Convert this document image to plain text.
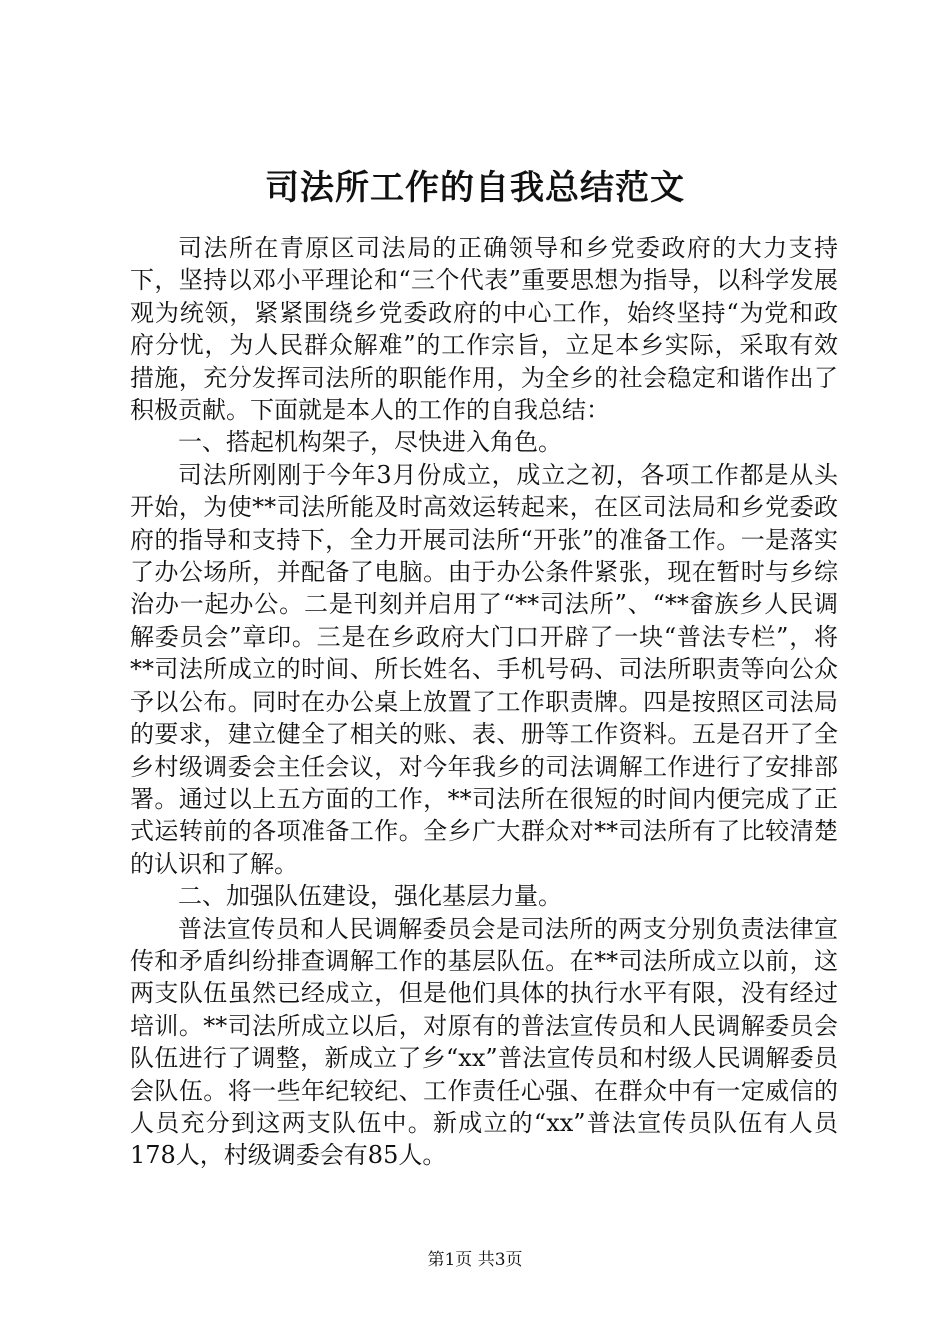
司法所工作的自我总结范文

司法所在青原区司法局的正确领导和乡党委政府的大力支持下，坚持以邓小平理论和“三个代表”重要思想为指导，以科学发展观为统领，紧紧围绕乡党委政府的中心工作，始终坚持“为党和政府分忧，为人民群众解难”的工作宗旨，立足本乡实际，采取有效措施，充分发挥司法所的职能作用，为全乡的社会稳定和谐作出了积极贡献。下面就是本人的工作的自我总结：

一、搭起机构架子，尽快进入角色。

司法所刚刚于今年3月份成立，成立之初，各项工作都是从头开始，为使**司法所能及时高效运转起来，在区司法局和乡党委政府的指导和支持下，全力开展司法所“开张”的准备工作。一是落实了办公场所，并配备了电脑。由于办公条件紧张，现在暂时与乡综治办一起办公。二是刊刻并启用了“**司法所”、“**畲族乡人民调解委员会”章印。三是在乡政府大门口开辟了一块“普法专栏”，将**司法所成立的时间、所长姓名、手机号码、司法所职责等向公众予以公布。同时在办公桌上放置了工作职责牌。四是按照区司法局的要求，建立健全了相关的账、表、册等工作资料。五是召开了全乡村级调委会主任会议，对今年我乡的司法调解工作进行了安排部署。通过以上五方面的工作，**司法所在很短的时间内便完成了正式运转前的各项准备工作。全乡广大群众对**司法所有了比较清楚的认识和了解。

二、加强队伍建设，强化基层力量。

普法宣传员和人民调解委员会是司法所的两支分别负责法律宣传和矛盾纠纷排查调解工作的基层队伍。在**司法所成立以前，这两支队伍虽然已经成立，但是他们具体的执行水平有限，没有经过培训。**司法所成立以后，对原有的普法宣传员和人民调解委员会队伍进行了调整，新成立了乡“xx”普法宣传员和村级人民调解委员会队伍。将一些年纪较纪、工作责任心强、在群众中有一定威信的人员充分到这两支队伍中。新成立的“xx”普法宣传员队伍有人员178人，村级调委会有85人。

第1页 共3页
